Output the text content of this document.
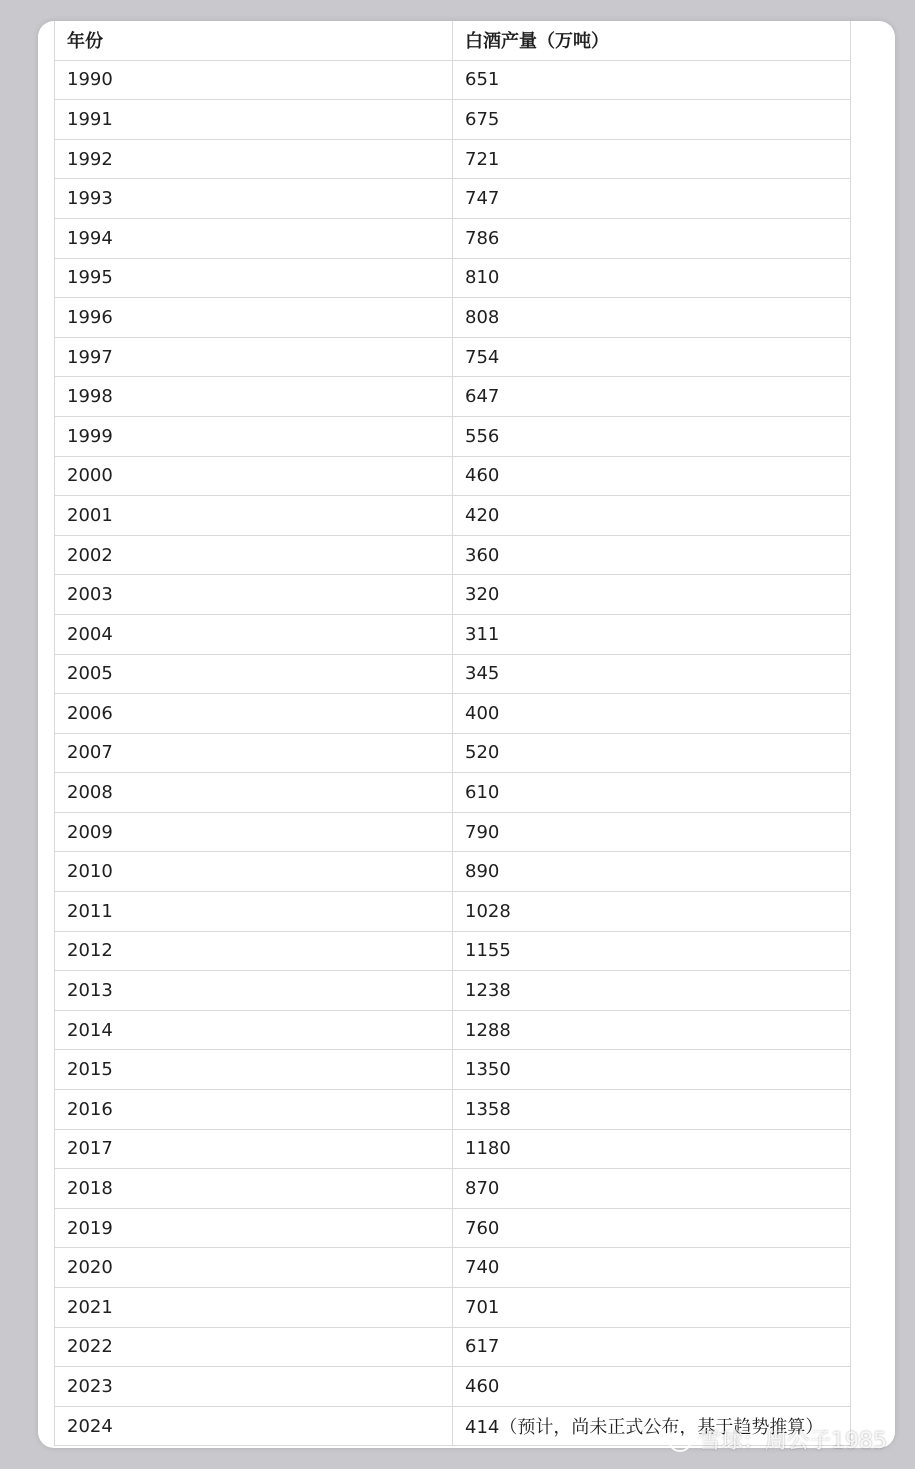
年份	白酒产量（万吨）
1990	651
1991	675
1992	721
1993	747
1994	786
1995	810
1996	808
1997	754
1998	647
1999	556
2000	460
2001	420
2002	360
2003	320
2004	311
2005	345
2006	400
2007	520
2008	610
2009	790
2010	890
2011	1028
2012	1155
2013	1238
2014	1288
2015	1350
2016	1358
2017	1180
2018	870
2019	760
2020	740
2021	701
2022	617
2023	460
2024	414（预计，尚未正式公布，基于趋势推算）
雪球：周公子1985
